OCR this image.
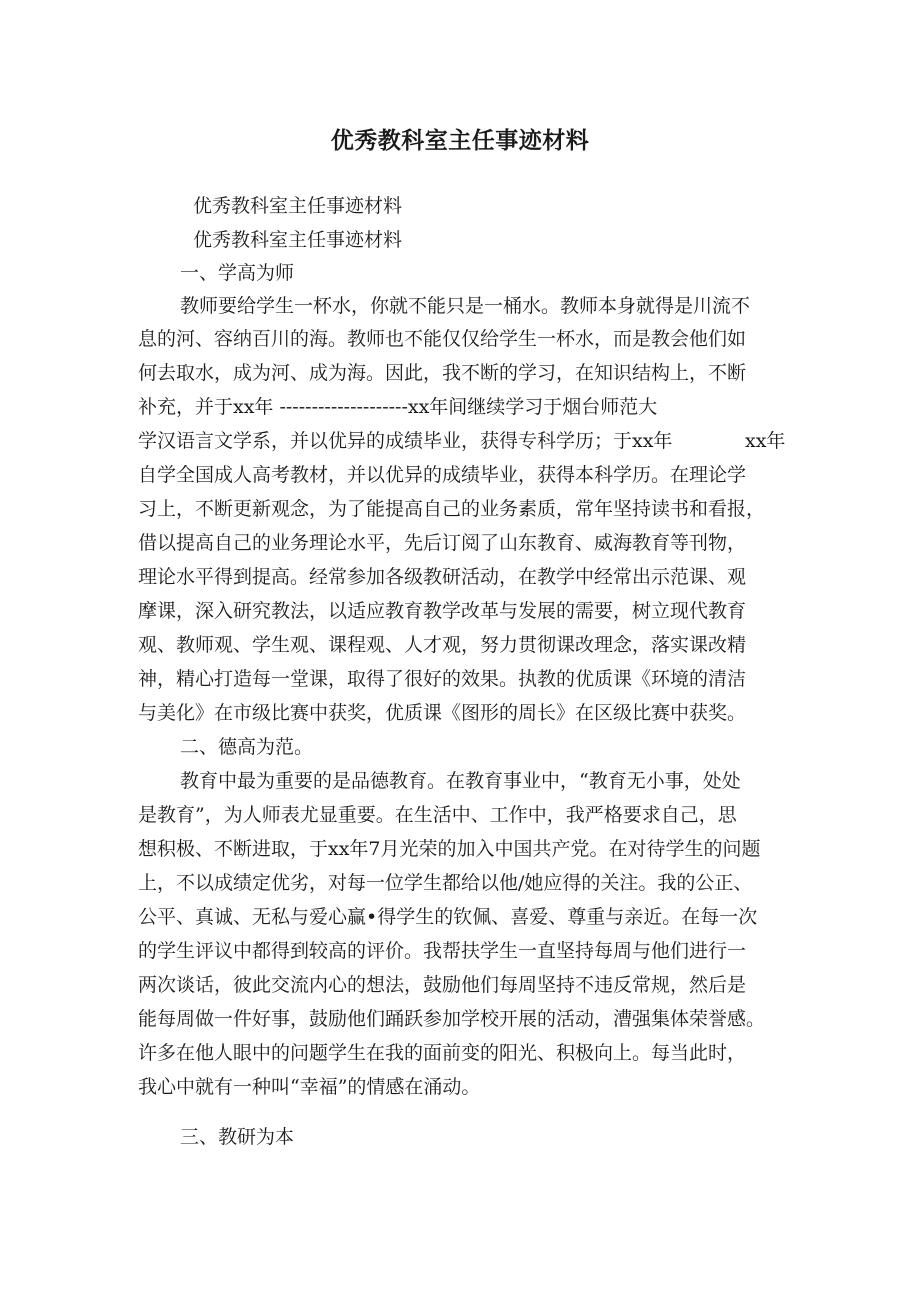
优秀教科室主任事迹材料
优秀教科室主任事迹材料
优秀教科室主任事迹材料
一、学高为师
教师要给学生一杯水，你就不能只是一桶水。教师本身就得是川流不
息的河、容纳百川的海。教师也不能仅仅给学生一杯水，而是教会他们如
何去取水，成为河、成为海。因此，我不断的学习，在知识结构上，不断
补充，并于xx年 --------------------xx年间继续学习于烟台师范大
学汉语言文学系，并以优异的成绩毕业，获得专科学历；于xx年	xx年
自学全国成人高考教材，并以优异的成绩毕业，获得本科学历。在理论学
习上，不断更新观念，为了能提高自己的业务素质，常年坚持读书和看报，
借以提高自己的业务理论水平，先后订阅了山东教育、威海教育等刊物，
理论水平得到提高。经常参加各级教研活动，在教学中经常出示范课、观
摩课，深入研究教法，以适应教育教学改革与发展的需要，树立现代教育
观、教师观、学生观、课程观、人才观，努力贯彻课改理念，落实课改精
神，精心打造每一堂课，取得了很好的效果。执教的优质课《环境的清洁
与美化》在市级比赛中获奖，优质课《图形的周长》在区级比赛中获奖。
二、德高为范。
教育中最为重要的是品德教育。在教育事业中，“教育无小事，处处
是教育”，为人师表尤显重要。在生活中、工作中，我严格要求自己，思
想积极、不断进取，于xx年7月光荣的加入中国共产党。在对待学生的问题
上，不以成绩定优劣，对每一位学生都给以他/她应得的关注。我的公正、
公平、真诚、无私与爱心赢•得学生的钦佩、喜爱、尊重与亲近。在每一次
的学生评议中都得到较高的评价。我帮扶学生一直坚持每周与他们进行一
两次谈话，彼此交流内心的想法，鼓励他们每周坚持不违反常规，然后是
能每周做一件好事，鼓励他们踊跃参加学校开展的活动，漕强集体荣誉感。
许多在他人眼中的问题学生在我的面前变的阳光、积极向上。每当此时，
我心中就有一种叫“幸福”的情感在涌动。
三、教研为本
